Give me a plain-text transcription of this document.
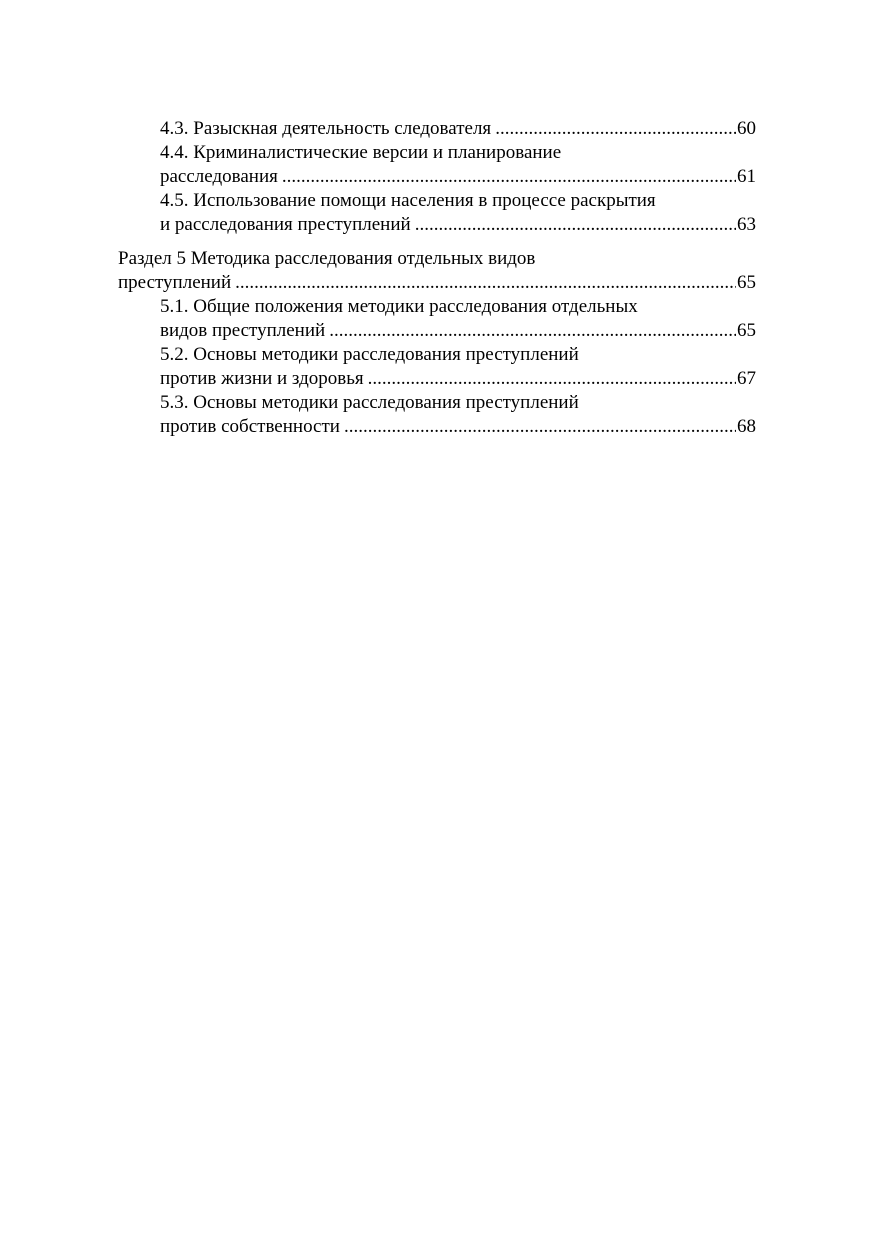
4.3. Разыскная деятельность следователя .....	60
4.4. Криминалистические версии и планирование
расследования .....	61
4.5. Использование помощи населения в процессе раскрытия
и расследования преступлений .....	63
Раздел 5 Методика расследования отдельных видов
преступлений .....	65
5.1. Общие положения методики расследования отдельных
видов преступлений .....	65
5.2. Основы методики расследования преступлений
против жизни и здоровья .....	67
5.3. Основы методики расследования преступлений
против собственности .....	68
